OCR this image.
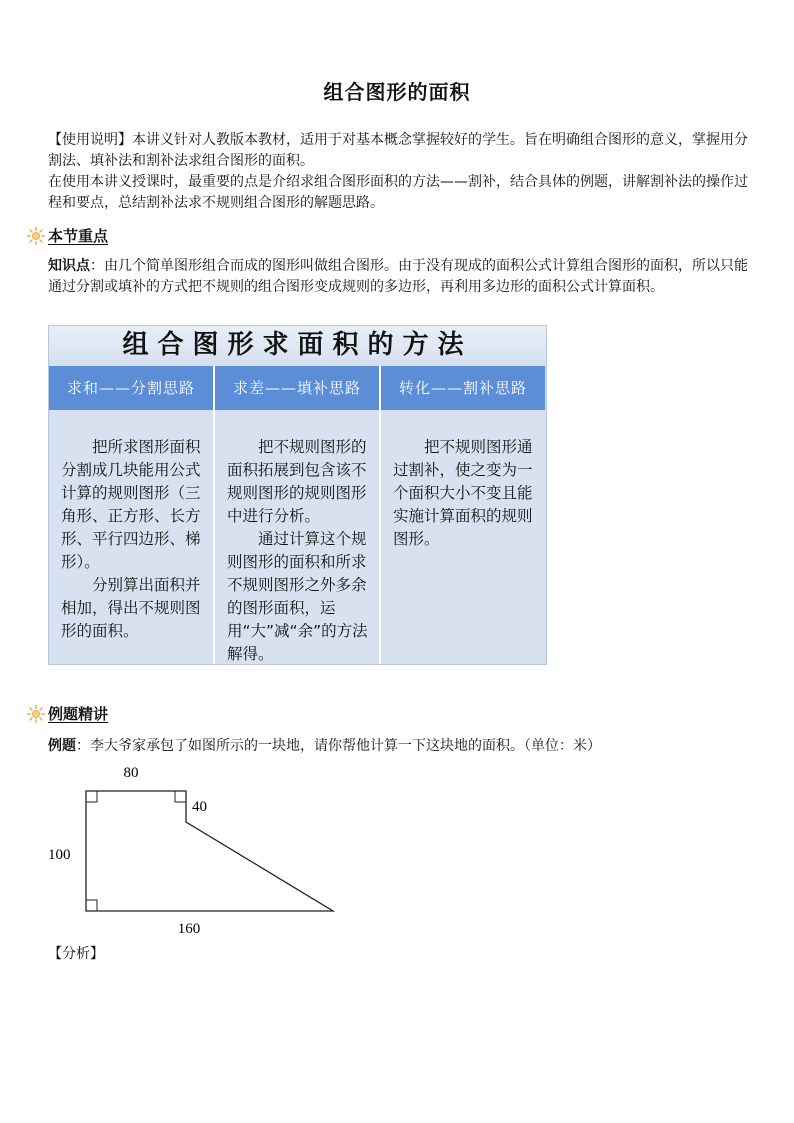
组合图形的面积

【使用说明】本讲义针对人教版本教材，适用于对基本概念掌握较好的学生。旨在明确组合图形的意义，掌握用分割法、填补法和割补法求组合图形的面积。

在使用本讲义授课时，最重要的点是介绍求组合图形面积的方法——割补，结合具体的例题，讲解割补法的操作过程和要点，总结割补法求不规则组合图形的解题思路。

本节重点
知识点：由几个简单图形组合而成的图形叫做组合图形。由于没有现成的面积公式计算组合图形的面积，所以只能通过分割或填补的方式把不规则的组合图形变成规则的多边形，再利用多边形的面积公式计算面积。
组合图形求面积的方法
求和——分割思路	求差——填补思路	转化——割补思路

把所求图形面积分割成几块能用公式计算的规则图形（三角形、正方形、长方形、平行四边形、梯形）。

分别算出面积并相加，得出不规则图形的面积。

把不规则图形的面积拓展到包含该不规则图形的规则图形中进行分析。

通过计算这个规则图形的面积和所求不规则图形之外多余的图形面积，运用“大”减“余”的方法解得。

把不规则图形通过割补，使之变为一个面积大小不变且能实施计算面积的规则图形。

例题精讲
例题：李大爷家承包了如图所示的一块地，请你帮他计算一下这块地的面积。（单位：米）
80
40
100
160
【分析】
